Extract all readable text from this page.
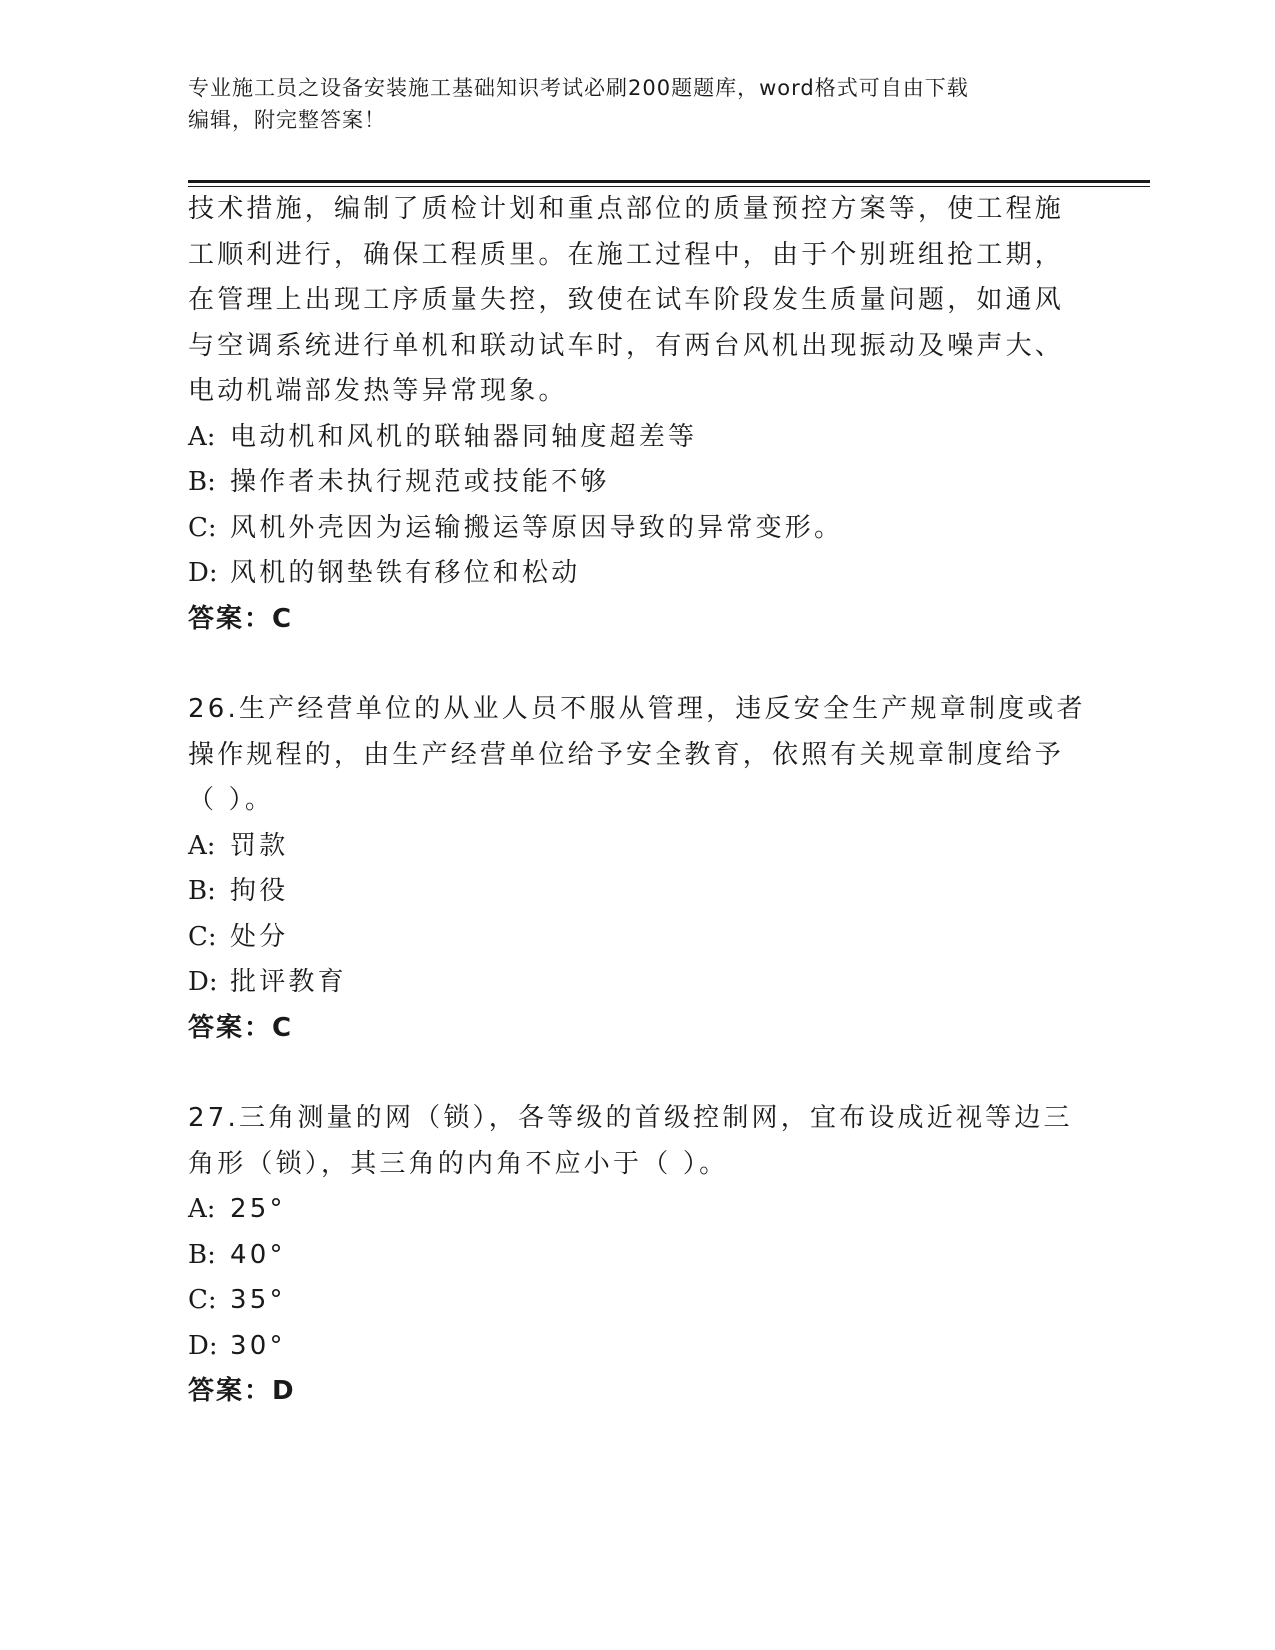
专业施工员之设备安装施工基础知识考试必刷200题题库，word格式可自由下载
编辑，附完整答案！

技术措施，编制了质检计划和重点部位的质量预控方案等，使工程施

工顺利进行，确保工程质里。在施工过程中，由于个别班组抢工期，

在管理上出现工序质量失控，致使在试车阶段发生质量问题，如通风

与空调系统进行单机和联动试车时，有两台风机出现振动及噪声大、

电动机端部发热等异常现象。

A: 电动机和风机的联轴器同轴度超差等

B: 操作者未执行规范或技能不够

C: 风机外壳因为运输搬运等原因导致的异常变形。

D: 风机的钢垫铁有移位和松动

答案：C

26.生产经营单位的从业人员不服从管理，违反安全生产规章制度或者

操作规程的，由生产经营单位给予安全教育，依照有关规章制度给予

（ ）。

A: 罚款

B: 拘役

C: 处分

D: 批评教育

答案：C

27.三角测量的网（锁），各等级的首级控制网，宜布设成近视等边三

角形（锁），其三角的内角不应小于（ ）。

A: 25°

B: 40°

C: 35°

D: 30°

答案：D
